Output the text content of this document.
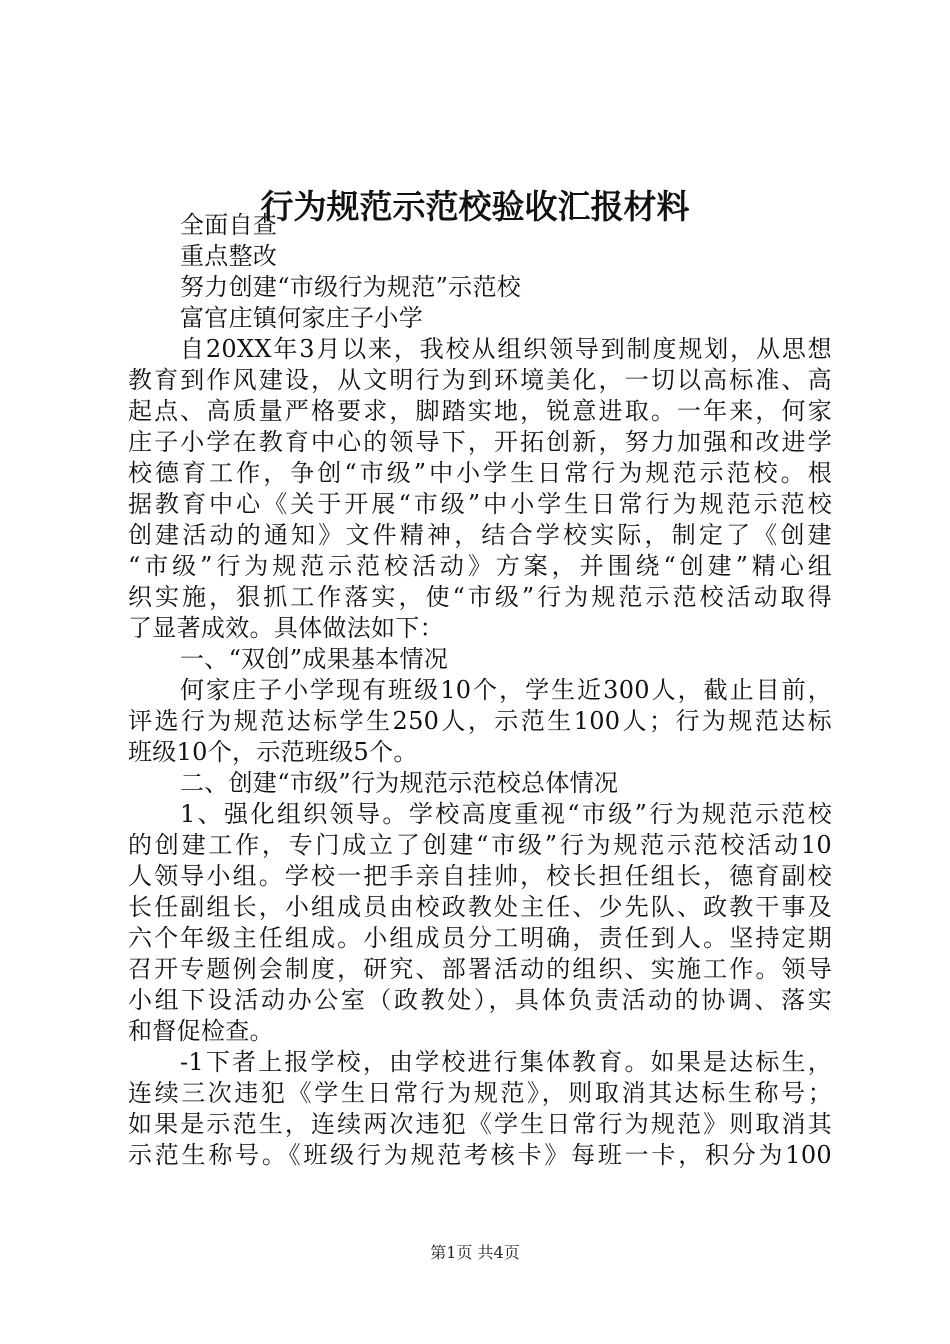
行为规范示范校验收汇报材料
全面自查
重点整改
努力创建“市级行为规范”示范校
富官庄镇何家庄子小学
自20XX年3月以来，我校从组织领导到制度规划，从思想
教育到作风建设，从文明行为到环境美化，一切以高标准、高
起点、高质量严格要求，脚踏实地，锐意进取。一年来，何家
庄子小学在教育中心的领导下，开拓创新，努力加强和改进学
校德育工作，争创“市级”中小学生日常行为规范示范校。根
据教育中心《关于开展“市级”中小学生日常行为规范示范校
创建活动的通知》文件精神，结合学校实际，制定了《创建
“市级”行为规范示范校活动》方案，并围绕“创建”精心组
织实施，狠抓工作落实，使“市级”行为规范示范校活动取得
了显著成效。具体做法如下：
一、“双创”成果基本情况
何家庄子小学现有班级10个，学生近300人，截止目前，
评选行为规范达标学生250人，示范生100人；行为规范达标
班级10个，示范班级5个。
二、创建“市级”行为规范示范校总体情况
1、强化组织领导。学校高度重视“市级”行为规范示范校
的创建工作，专门成立了创建“市级”行为规范示范校活动10
人领导小组。学校一把手亲自挂帅，校长担任组长，德育副校
长任副组长，小组成员由校政教处主任、少先队、政教干事及
六个年级主任组成。小组成员分工明确，责任到人。坚持定期
召开专题例会制度，研究、部署活动的组织、实施工作。领导
小组下设活动办公室（政教处），具体负责活动的协调、落实
和督促检查。
-1下者上报学校，由学校进行集体教育。如果是达标生，
连续三次违犯《学生日常行为规范》，则取消其达标生称号；
如果是示范生，连续两次违犯《学生日常行为规范》则取消其
示范生称号。《班级行为规范考核卡》每班一卡，积分为100
第1页 共4页
